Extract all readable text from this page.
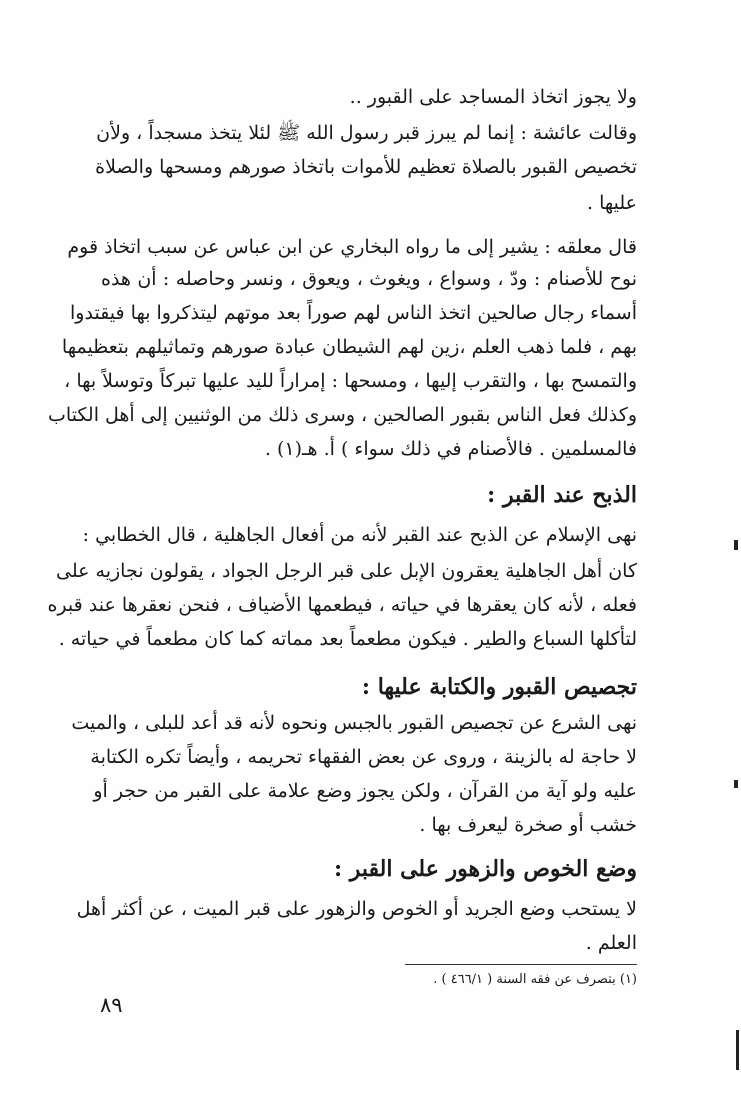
ولا يجوز اتخاذ المساجد على القبور ..
وقالت عائشة : إنما لم يبرز قبر رسول الله ﷺ لئلا يتخذ مسجداً ، ولأن
تخصيص القبور بالصلاة تعظيم للأموات باتخاذ صورهم ومسحها والصلاة
عليها .
قال معلقه : يشير إلى ما رواه البخاري عن ابن عباس عن سبب اتخاذ قوم
نوح للأصنام : ودّ ، وسواع ، ويغوث ، ويعوق ، ونسر وحاصله : أن هذه
أسماء رجال صالحين اتخذ الناس لهم صوراً بعد موتهم ليتذكروا بها فيقتدوا
بهم ، فلما ذهب العلم ،زين لهم الشيطان عبادة صورهم وتماثيلهم بتعظيمها
والتمسح بها ، والتقرب إليها ، ومسحها : إمراراً لليد عليها تبركاً وتوسلاً بها ،
وكذلك فعل الناس بقبور الصالحين ، وسرى ذلك من الوثنيين إلى أهل الكتاب
فالمسلمين . فالأصنام في ذلك سواء ) أ. هـ(١) .
الذبح عند القبر :
نهى الإسلام عن الذبح عند القبر لأنه من أفعال الجاهلية ، قال الخطابي :
كان أهل الجاهلية يعقرون الإبل على قبر الرجل الجواد ، يقولون نجازيه على
فعله ، لأنه كان يعقرها في حياته ، فيطعمها الأضياف ، فنحن نعقرها عند قبره
لتأكلها السباع والطير . فيكون مطعماً بعد مماته كما كان مطعماً في حياته .
تجصيص القبور والكتابة عليها :
نهى الشرع عن تجصيص القبور بالجبس ونحوه لأنه قد أعد للبلى ، والميت
لا حاجة له بالزينة ، وروى عن بعض الفقهاء تحريمه ، وأيضاً تكره الكتابة
عليه ولو آية من القرآن ، ولكن يجوز وضع علامة على القبر من حجر أو
خشب أو صخرة ليعرف بها .
وضع الخوص والزهور على القبر :
لا يستحب وضع الجريد أو الخوص والزهور على قبر الميت ، عن أكثر أهل
العلم .
(١) بتصرف عن فقه السنة ( ٤٦٦/١ ) .
٨٩
